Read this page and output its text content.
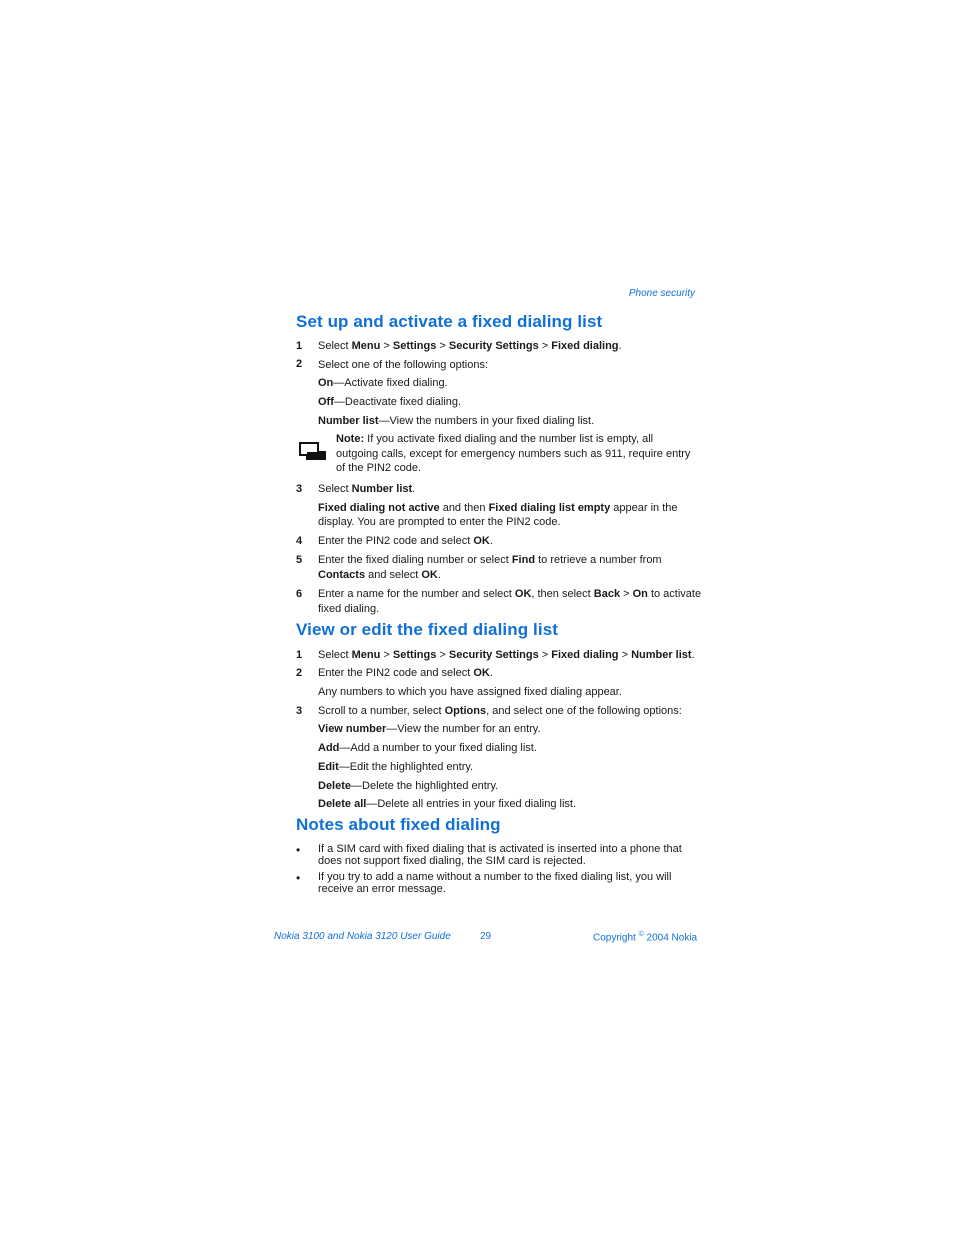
Phone security
Set up and activate a fixed dialing list
1 Select Menu > Settings > Security Settings > Fixed dialing.
2 Select one of the following options:
On—Activate fixed dialing.
Off—Deactivate fixed dialing.
Number list—View the numbers in your fixed dialing list.
Note: If you activate fixed dialing and the number list is empty, all
outgoing calls, except for emergency numbers such as 911, require entry
of the PIN2 code.
3 Select Number list.
Fixed dialing not active and then Fixed dialing list empty appear in the
display. You are prompted to enter the PIN2 code.
4 Enter the PIN2 code and select OK.
5 Enter the fixed dialing number or select Find to retrieve a number from
Contacts and select OK.
6 Enter a name for the number and select OK, then select Back > On to activate
fixed dialing.
View or edit the fixed dialing list
1 Select Menu > Settings > Security Settings > Fixed dialing > Number list.
2 Enter the PIN2 code and select OK.
Any numbers to which you have assigned fixed dialing appear.
3 Scroll to a number, select Options, and select one of the following options:
View number—View the number for an entry.
Add—Add a number to your fixed dialing list.
Edit—Edit the highlighted entry.
Delete—Delete the highlighted entry.
Delete all—Delete all entries in your fixed dialing list.
Notes about fixed dialing
• If a SIM card with fixed dialing that is activated is inserted into a phone that
does not support fixed dialing, the SIM card is rejected.
• If you try to add a name without a number to the fixed dialing list, you will
receive an error message.
Nokia 3100 and Nokia 3120 User Guide	29	Copyright © 2004 Nokia
